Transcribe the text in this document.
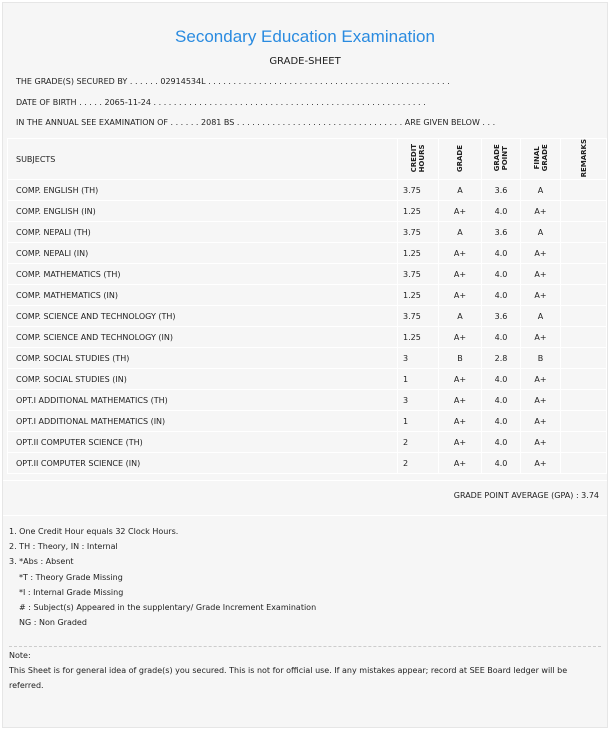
Secondary Education Examination
GRADE-SHEET
THE GRADE(S) SECURED BY . . . . . . 02914534L . . . . . . . . . . . . . . . . . . . . . . . . . . . . . . . . . . . . . . . . . . . . . . . .
DATE OF BIRTH . . . . . 2065-11-24 . . . . . . . . . . . . . . . . . . . . . . . . . . . . . . . . . . . . . . . . . . . . . . . . . . . . . .
IN THE ANNUAL SEE EXAMINATION OF . . . . . . 2081 BS . . . . . . . . . . . . . . . . . . . . . . . . . . . . . . . . . ARE GIVEN BELOW . . .
SUBJECTS	CREDIT HOURS	GRADE	GRADE POINT	FINAL GRADE	REMARKS
COMP. ENGLISH (TH)	3.75	A	3.6	A	
COMP. ENGLISH (IN)	1.25	A+	4.0	A+	
COMP. NEPALI (TH)	3.75	A	3.6	A	
COMP. NEPALI (IN)	1.25	A+	4.0	A+	
COMP. MATHEMATICS (TH)	3.75	A+	4.0	A+	
COMP. MATHEMATICS (IN)	1.25	A+	4.0	A+	
COMP. SCIENCE AND TECHNOLOGY (TH)	3.75	A	3.6	A	
COMP. SCIENCE AND TECHNOLOGY (IN)	1.25	A+	4.0	A+	
COMP. SOCIAL STUDIES (TH)	3	B	2.8	B	
COMP. SOCIAL STUDIES (IN)	1	A+	4.0	A+	
OPT.I ADDITIONAL MATHEMATICS (TH)	3	A+	4.0	A+	
OPT.I ADDITIONAL MATHEMATICS (IN)	1	A+	4.0	A+	
OPT.II COMPUTER SCIENCE (TH)	2	A+	4.0	A+	
OPT.II COMPUTER SCIENCE (IN)	2	A+	4.0	A+	
GRADE POINT AVERAGE (GPA) : 3.74
1. One Credit Hour equals 32 Clock Hours.
2. TH : Theory, IN : Internal
3. *Abs : Absent
*T : Theory Grade Missing
*I : Internal Grade Missing
# : Subject(s) Appeared in the supplentary/ Grade Increment Examination
NG : Non Graded
Note:
This Sheet is for general idea of grade(s) you secured. This is not for official use. If any mistakes appear; record at SEE Board ledger will be referred.
